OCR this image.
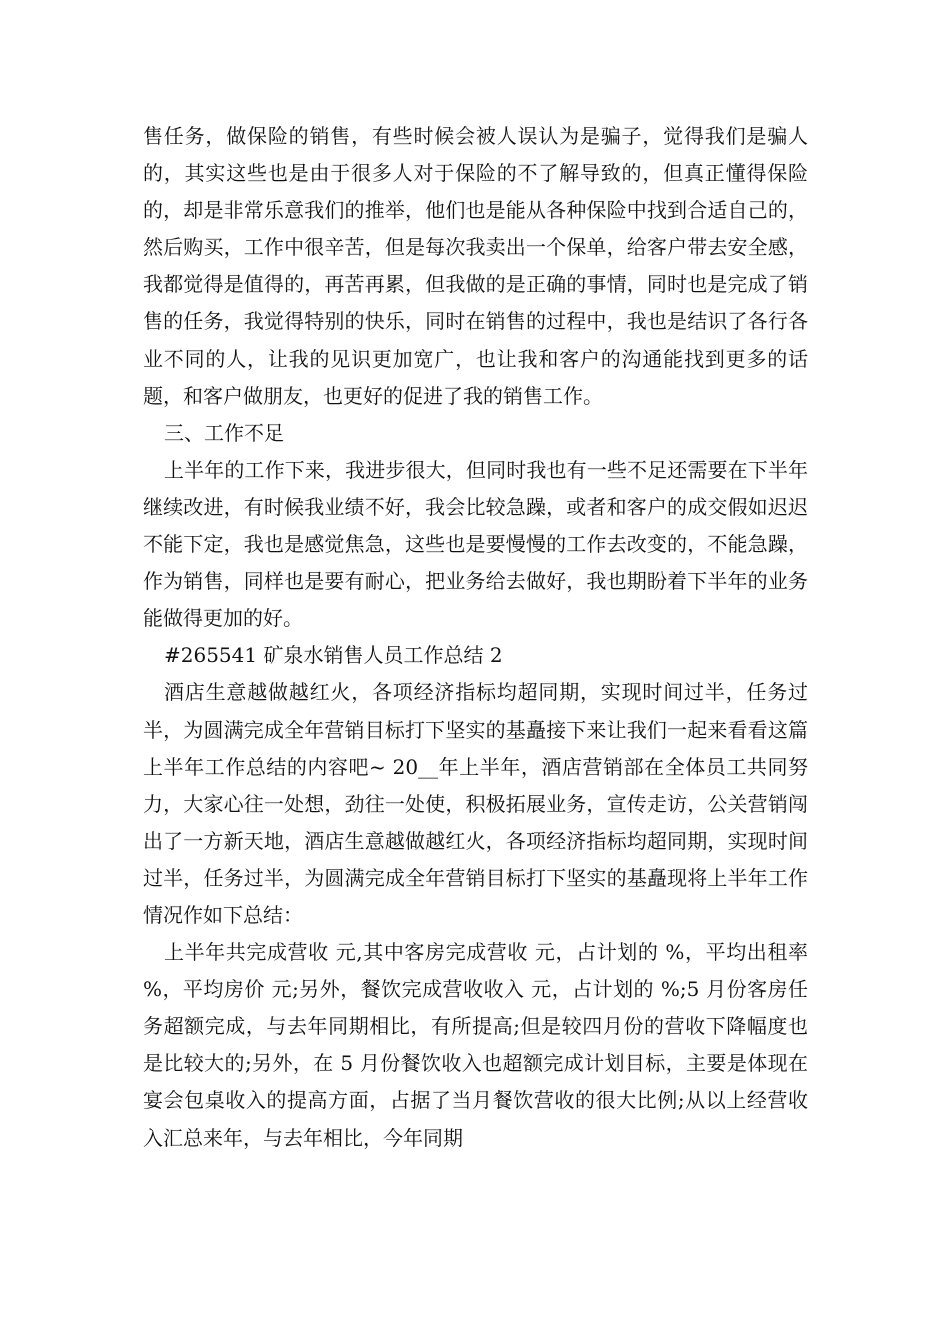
售任务，做保险的销售，有些时候会被人误认为是骗子，觉得我们是骗人的，其实这些也是由于很多人对于保险的不了解导致的，但真正懂得保险的，却是非常乐意我们的推举，他们也是能从各种保险中找到合适自己的，然后购买，工作中很辛苦，但是每次我卖出一个保单，给客户带去安全感，我都觉得是值得的，再苦再累，但我做的是正确的事情，同时也是完成了销售的任务，我觉得特别的快乐，同时在销售的过程中，我也是结识了各行各业不同的人，让我的见识更加宽广，也让我和客户的沟通能找到更多的话题，和客户做朋友，也更好的促进了我的销售工作。

三、工作不足

上半年的工作下来，我进步很大，但同时我也有一些不足还需要在下半年继续改进，有时候我业绩不好，我会比较急躁，或者和客户的成交假如迟迟不能下定，我也是感觉焦急，这些也是要慢慢的工作去改变的，不能急躁，作为销售，同样也是要有耐心，把业务给去做好，我也期盼着下半年的业务能做得更加的好。

#265541 矿泉水销售人员工作总结 2

酒店生意越做越红火，各项经济指标均超同期，实现时间过半，任务过半，为圆满完成全年营销目标打下坚实的基矗接下来让我们一起来看看这篇上半年工作总结的内容吧~ 20__年上半年，酒店营销部在全体员工共同努力，大家心往一处想，劲往一处使，积极拓展业务，宣传走访，公关营销闯出了一方新天地，酒店生意越做越红火，各项经济指标均超同期，实现时间过半，任务过半，为圆满完成全年营销目标打下坚实的基矗现将上半年工作情况作如下总结：

上半年共完成营收 元,其中客房完成营收 元，占计划的 %，平均出租率 %，平均房价 元;另外，餐饮完成营收收入 元，占计划的 %;5 月份客房任务超额完成，与去年同期相比，有所提高;但是较四月份的营收下降幅度也是比较大的;另外，在 5 月份餐饮收入也超额完成计划目标，主要是体现在宴会包桌收入的提高方面，占据了当月餐饮营收的很大比例;从以上经营收入汇总来年，与去年相比，今年同期
